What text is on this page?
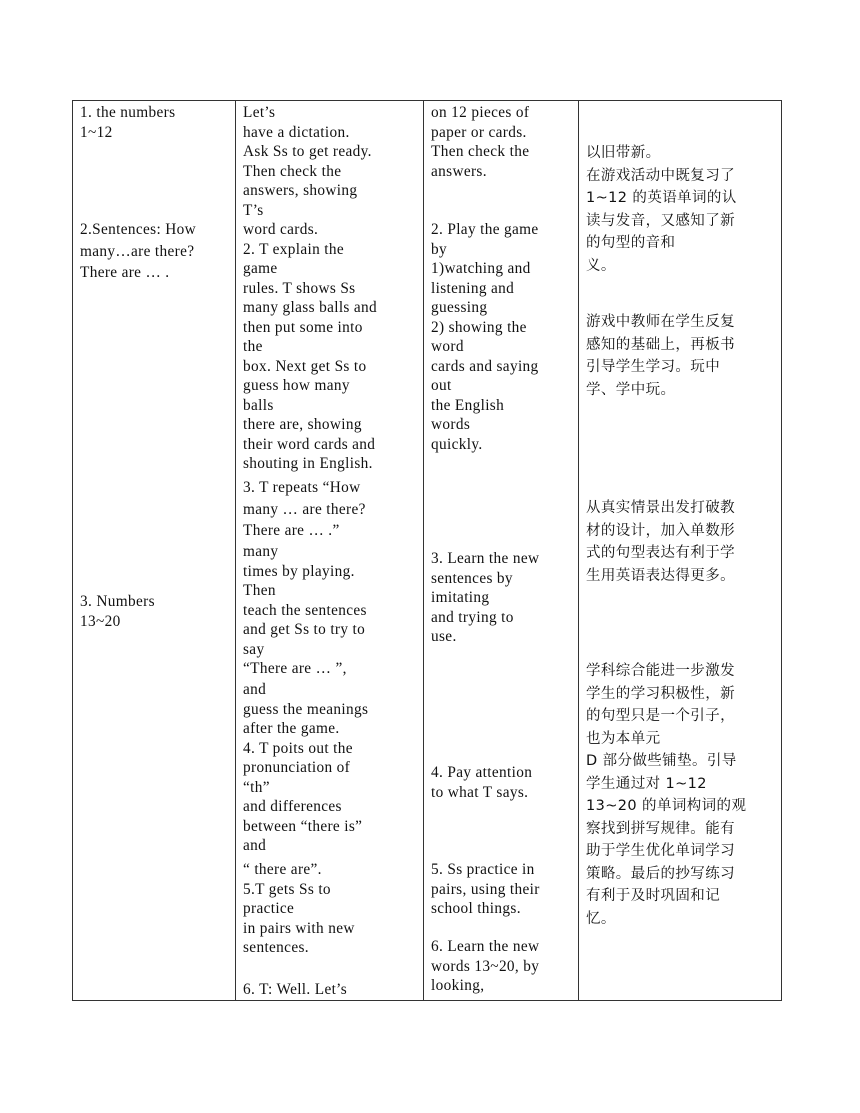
1. the numbers
1~12
2.Sentences: How
many…are there?
There are … .
3. Numbers
13~20

Let’s
have a dictation.
Ask Ss to get ready.
Then check the
answers, showing
T’s
word cards.
2. T explain the
game
rules. T shows Ss
many glass balls and
then put some into
the
box. Next get Ss to
guess how many
balls
there are, showing
their word cards and
shouting in English.
3. T repeats “How
many … are there?
There are … .”
many
times by playing.
Then
teach the sentences
and get Ss to try to
say
“There are … ”,
and
guess the meanings
after the game.
4. T poits out the
pronunciation of
“th”
and differences
between “there is”
and
“ there are”.
5.T gets Ss to
practice
in pairs with new
sentences.
6. T: Well. Let’s

on 12 pieces of
paper or cards.
Then check the
answers.
2. Play the game
by
1)watching and
listening and
guessing
2) showing the
word
cards and saying
out
the English
words
quickly.
3. Learn the new
sentences by
imitating
and trying to
use.
4. Pay attention
to what T says.
5. Ss practice in
pairs, using their
school things.
6. Learn the new
words 13~20, by
looking,

以旧带新。
在游戏活动中既复习了
1~12 的英语单词的认
读与发音，又感知了新
的句型的音和
义。
游戏中教师在学生反复
感知的基础上，再板书
引导学生学习。玩中
学、学中玩。
从真实情景出发打破教
材的设计，加入单数形
式的句型表达有利于学
生用英语表达得更多。
学科综合能进一步激发
学生的学习积极性，新
的句型只是一个引子，
也为本单元
D 部分做些铺垫。引导
学生通过对 1~12
13~20 的单词构词的观
察找到拼写规律。能有
助于学生优化单词学习
策略。最后的抄写练习
有利于及时巩固和记
忆。
